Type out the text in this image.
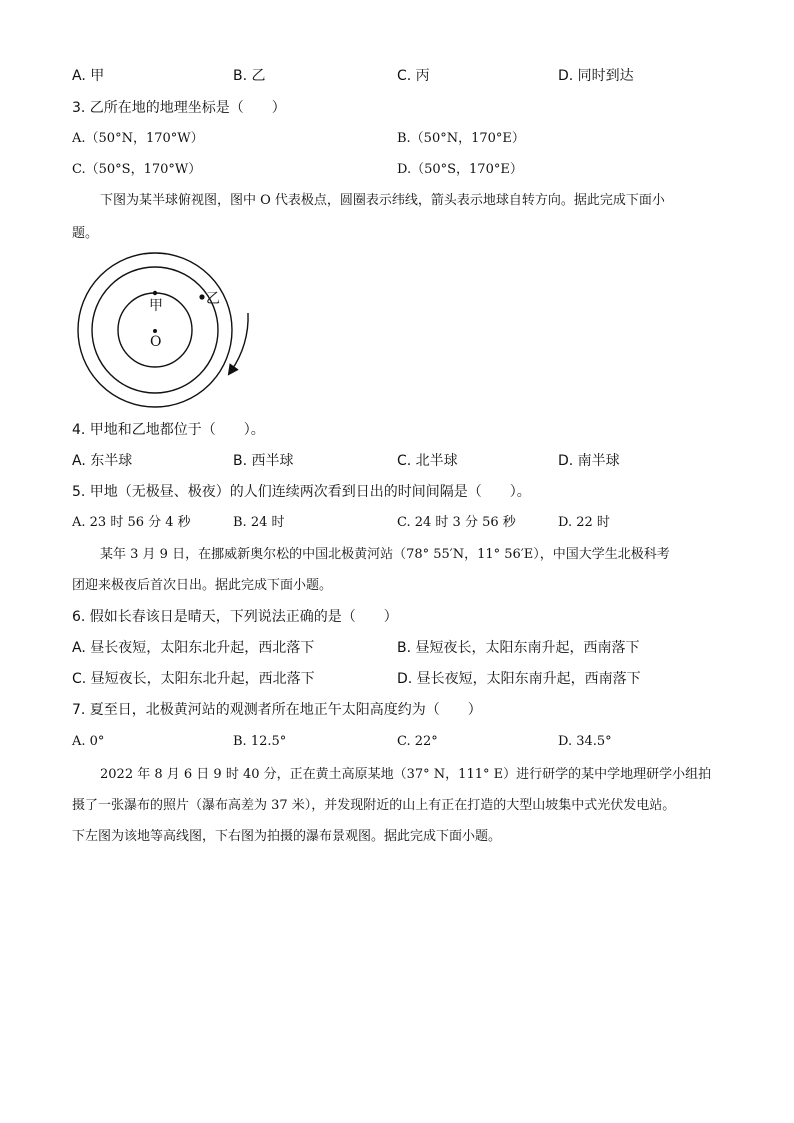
A. 甲	B. 乙	C. 丙	D. 同时到达
3. 乙所在地的地理坐标是（　　）
A.（50°N，170°W）	B.（50°N，170°E）
C.（50°S，170°W）	D.（50°S，170°E）
下图为某半球俯视图，图中 O 代表极点，圆圈表示纬线，箭头表示地球自转方向。据此完成下面小
题。
甲	乙
O
4. 甲地和乙地都位于（　　）。
A. 东半球	B. 西半球	C. 北半球	D. 南半球
5. 甲地（无极昼、极夜）的人们连续两次看到日出的时间间隔是（　　）。
A. 23 时 56 分 4 秒	B. 24 时	C. 24 时 3 分 56 秒	D. 22 时
某年 3 月 9 日，在挪威新奥尔松的中国北极黄河站（78° 55′N，11° 56′E），中国大学生北极科考
团迎来极夜后首次日出。据此完成下面小题。
6. 假如长春该日是晴天，下列说法正确的是（　　）
A. 昼长夜短，太阳东北升起，西北落下	B. 昼短夜长，太阳东南升起，西南落下
C. 昼短夜长，太阳东北升起，西北落下	D. 昼长夜短，太阳东南升起，西南落下
7. 夏至日，北极黄河站的观测者所在地正午太阳高度约为（　　）
A. 0°	B. 12.5°	C. 22°	D. 34.5°
2022 年 8 月 6 日 9 时 40 分，正在黄土高原某地（37° N，111° E）进行研学的某中学地理研学小组拍
摄了一张瀑布的照片（瀑布高差为 37 米），并发现附近的山上有正在打造的大型山坡集中式光伏发电站。
下左图为该地等高线图，下右图为拍摄的瀑布景观图。据此完成下面小题。
